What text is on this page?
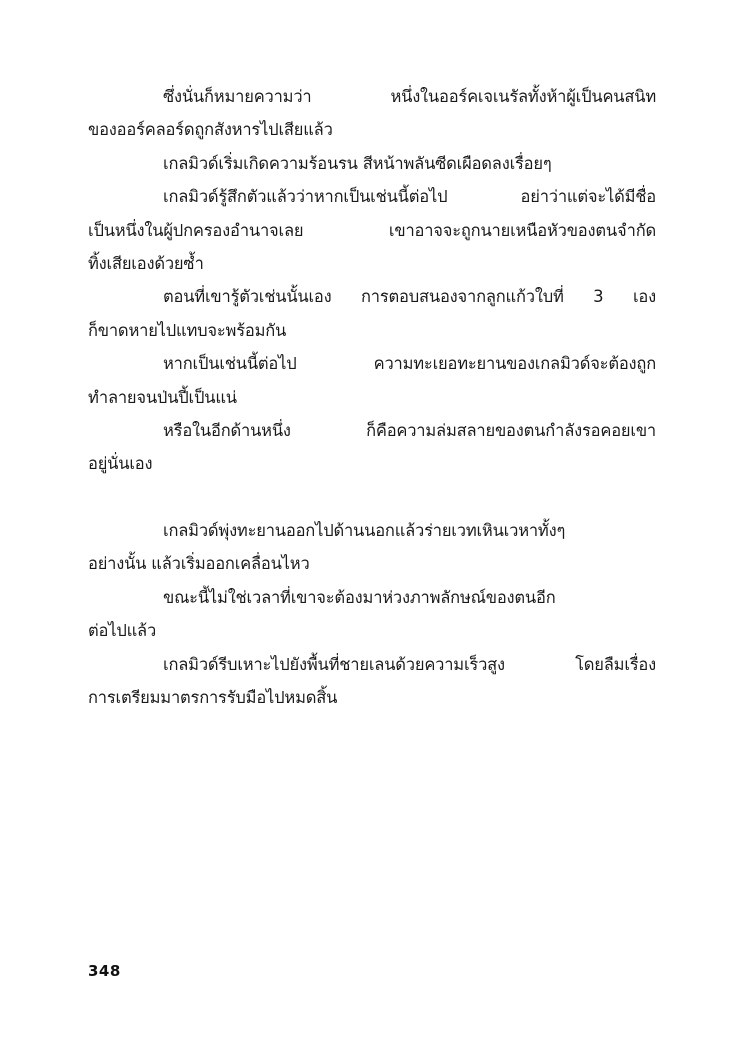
ซึ่งนั่นก็หมายความว่า หนึ่งในออร์คเจเนรัลทั้งห้าผู้เป็นคนสนิท
ของออร์คลอร์ดถูกสังหารไปเสียแล้ว
เกลมิวด์เริ่มเกิดความร้อนรน สีหน้าพลันซีดเผือดลงเรื่อยๆ
เกลมิวด์รู้สึกตัวแล้วว่าหากเป็นเช่นนี้ต่อไป อย่าว่าแต่จะได้มีชื่อ
เป็นหนึ่งในผู้ปกครองอำนาจเลย เขาอาจจะถูกนายเหนือหัวของตนจำกัด
ทิ้งเสียเองด้วยซ้ำ
ตอนที่เขารู้ตัวเช่นนั้นเอง การตอบสนองจากลูกแก้วใบที่ 3 เอง
ก็ขาดหายไปแทบจะพร้อมกัน
หากเป็นเช่นนี้ต่อไป ความทะเยอทะยานของเกลมิวด์จะต้องถูก
ทำลายจนป่นปี้เป็นแน่
หรือในอีกด้านหนึ่ง ก็คือความล่มสลายของตนกำลังรอคอยเขา
อยู่นั่นเอง
เกลมิวด์พุ่งทะยานออกไปด้านนอกแล้วร่ายเวทเหินเวหาทั้งๆ
อย่างนั้น แล้วเริ่มออกเคลื่อนไหว
ขณะนี้ไม่ใช่เวลาที่เขาจะต้องมาห่วงภาพลักษณ์ของตนอีก
ต่อไปแล้ว
เกลมิวด์รีบเหาะไปยังพื้นที่ชายเลนด้วยความเร็วสูง โดยลืมเรื่อง
การเตรียมมาตรการรับมือไปหมดสิ้น
348
